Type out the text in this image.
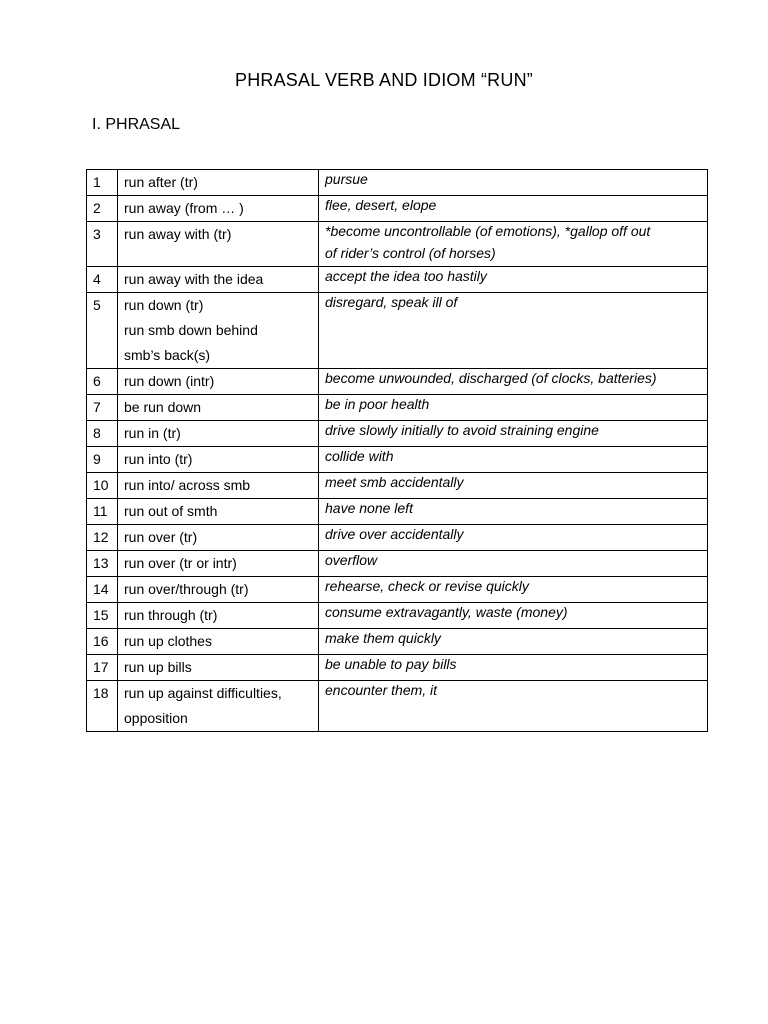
PHRASAL VERB AND IDIOM “RUN”
I. PHRASAL
1	run after (tr)	pursue

2	run away (from … )	flee, desert, elope

3	run away with (tr)	*become uncontrollable (of emotions), *gallop off out
of rider’s control (of horses)

4	run away with the idea	accept the idea too hastily

5	run down (tr)
run smb down behind
smb’s back(s)	disregard, speak ill of

6	run down (intr)	become unwounded, discharged (of clocks, batteries)

7	be run down	be in poor health

8	run in (tr)	drive slowly initially to avoid straining engine

9	run into (tr)	collide with

10	run into/ across smb	meet smb accidentally

11	run out of smth	have none left

12	run over (tr)	drive over accidentally

13	run over (tr or intr)	overflow

14	run over/through (tr)	rehearse, check or revise quickly

15	run through (tr)	consume extravagantly, waste (money)

16	run up clothes	make them quickly

17	run up bills	be unable to pay bills

18	run up against difficulties,
opposition	encounter them, it
